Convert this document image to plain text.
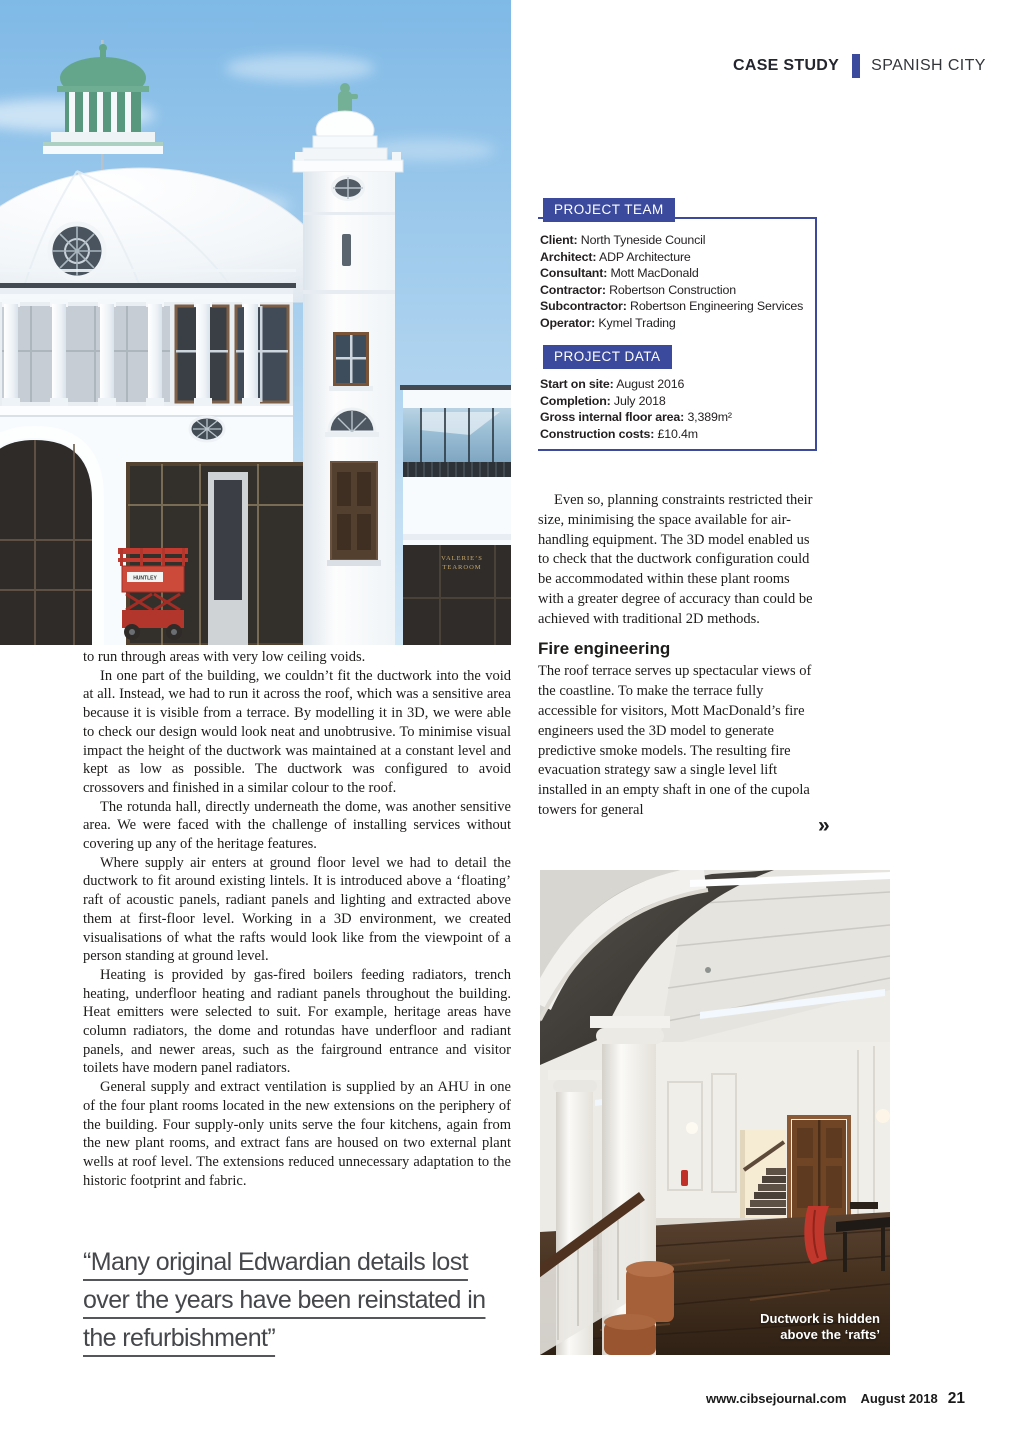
CASE STUDY SPANISH CITY
HUNTLEY
VALERIE’S
TEAROOM
PROJECT TEAM
Client: North Tyneside Council
Architect: ADP Architecture
Consultant: Mott MacDonald
Contractor: Robertson Construction
Subcontractor: Robertson Engineering Services
Operator: Kymel Trading
PROJECT DATA
Start on site: August 2016
Completion: July 2018
Gross internal floor area: 3,389m²
Construction costs: £10.4m

Even so, planning constraints restricted their size, minimising the space available for air-handling equipment. The 3D model enabled us to check that the ductwork configuration could be accommodated within these plant rooms with a greater degree of accuracy than could be achieved with traditional 2D methods.

Fire engineering

The roof terrace serves up spectacular views of the coastline. To make the terrace fully accessible for visitors, Mott MacDonald’s fire engineers used the 3D model to generate predictive smoke models. The resulting fire evacuation strategy saw a single level lift installed in an empty shaft in one of the cupola towers for general

»

to run through areas with very low ceiling voids.

In one part of the building, we couldn’t fit the ductwork into the void at all. Instead, we had to run it across the roof, which was a sensitive area because it is visible from a terrace. By modelling it in 3D, we were able to check our design would look neat and unobtrusive. To minimise visual impact the height of the ductwork was maintained at a constant level and kept as low as possible. The ductwork was configured to avoid crossovers and finished in a similar colour to the roof.

The rotunda hall, directly underneath the dome, was another sensitive area. We were faced with the challenge of installing services without covering up any of the heritage features.

Where supply air enters at ground floor level we had to detail the ductwork to fit around existing lintels. It is introduced above a ‘floating’ raft of acoustic panels, radiant panels and lighting and extracted above them at first-floor level. Working in a 3D environment, we created visualisations of what the rafts would look like from the viewpoint of a person standing at ground level.

Heating is provided by gas-fired boilers feeding radiators, trench heating, underfloor heating and radiant panels throughout the building. Heat emitters were selected to suit. For example, heritage areas have column radiators, the dome and rotundas have underfloor and radiant panels, and newer areas, such as the fairground entrance and visitor toilets have modern panel radiators.

General supply and extract ventilation is supplied by an AHU in one of the four plant rooms located in the new extensions on the periphery of the building. Four supply-only units serve the four kitchens, again from the new plant rooms, and extract fans are housed on two external plant wells at roof level. The extensions reduced unnecessary adaptation to the historic footprint and fabric.

“Many original Edwardian details lost over the years have been reinstated in the refurbishment”
Ductwork is hidden
above the ‘rafts’
www.cibsejournal.com August 2018 21
